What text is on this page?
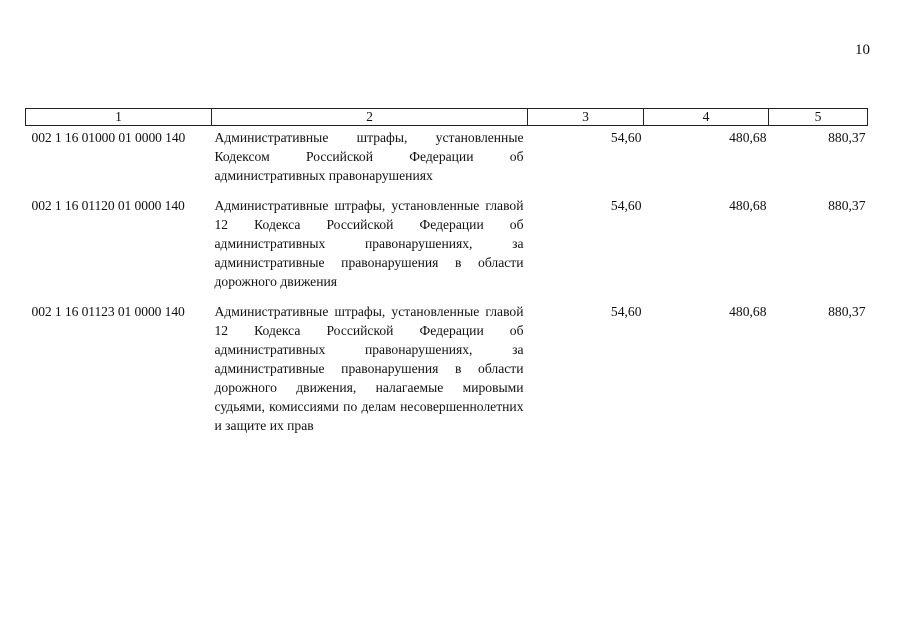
10
1	2	3	4	5
002 1 16 01000 01 0000 140	Административные штрафы, установленные Кодексом Российской Федерации об административных правонарушениях	54,60	480,68	880,37
002 1 16 01120 01 0000 140	Административные штрафы, установленные главой 12 Кодекса Российской Федерации об административных правонарушениях, за административные правонарушения в области дорожного движения	54,60	480,68	880,37
002 1 16 01123 01 0000 140	Административные штрафы, установленные главой 12 Кодекса Российской Федерации об административных правонарушениях, за административные правонарушения в области дорожного движения, налагаемые мировыми судьями, комиссиями по делам несовершеннолетних и защите их прав	54,60	480,68	880,37
